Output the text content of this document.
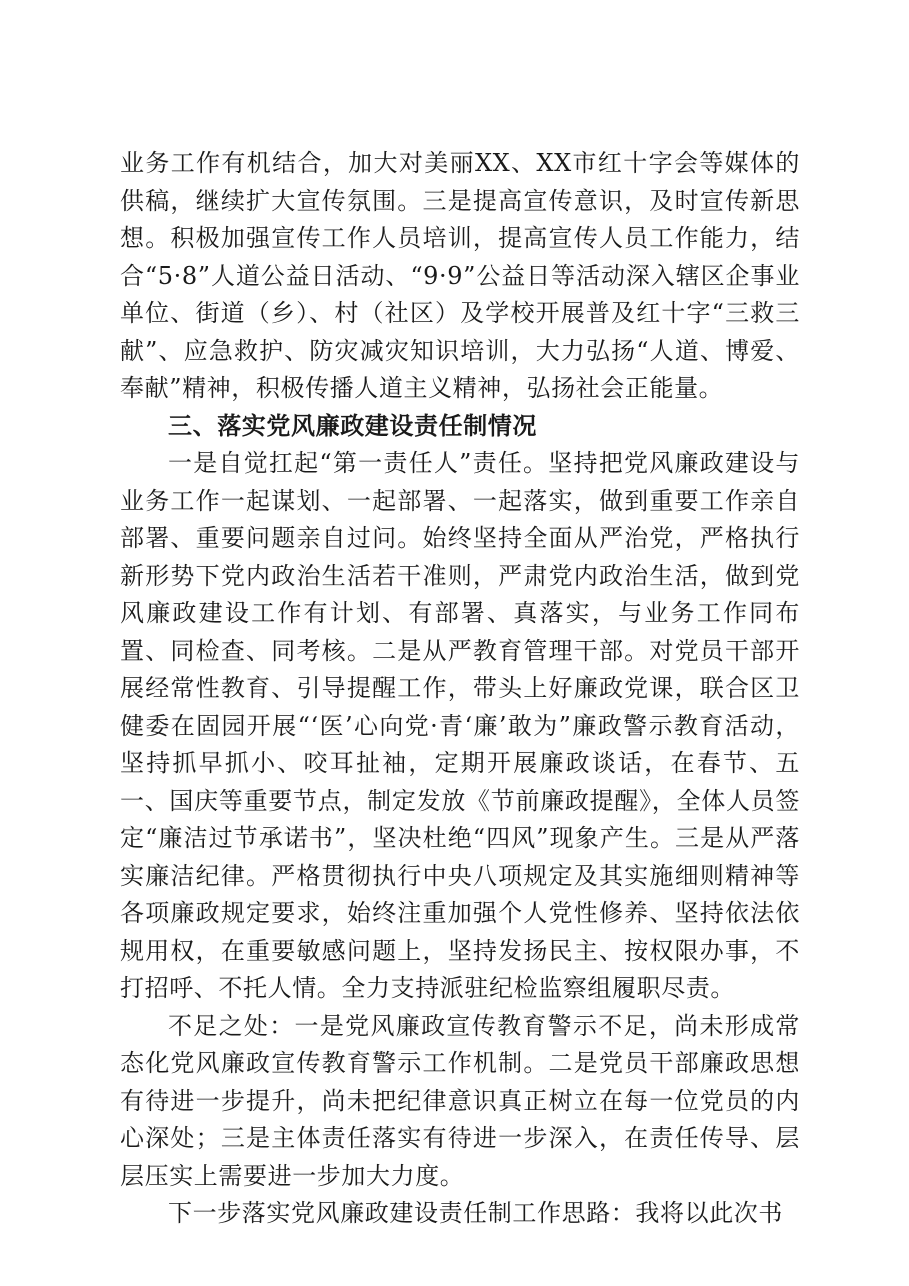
业务工作有机结合，加大对美丽XX、XX市红十字会等媒体的供稿，继续扩大宣传氛围。三是提高宣传意识，及时宣传新思想。积极加强宣传工作人员培训，提高宣传人员工作能力，结合“5·8”人道公益日活动、“9·9”公益日等活动深入辖区企事业单位、街道（乡）、村（社区）及学校开展普及红十字“三救三献”、应急救护、防灾减灾知识培训，大力弘扬“人道、博爱、奉献”精神，积极传播人道主义精神，弘扬社会正能量。

三、落实党风廉政建设责任制情况

一是自觉扛起“第一责任人”责任。坚持把党风廉政建设与业务工作一起谋划、一起部署、一起落实，做到重要工作亲自部署、重要问题亲自过问。始终坚持全面从严治党，严格执行新形势下党内政治生活若干准则，严肃党内政治生活，做到党风廉政建设工作有计划、有部署、真落实，与业务工作同布置、同检查、同考核。二是从严教育管理干部。对党员干部开展经常性教育、引导提醒工作，带头上好廉政党课，联合区卫健委在固园开展“‘医’心向党·青‘廉’敢为”廉政警示教育活动，坚持抓早抓小、咬耳扯袖，定期开展廉政谈话，在春节、五一、国庆等重要节点，制定发放《节前廉政提醒》，全体人员签定“廉洁过节承诺书”，坚决杜绝“四风”现象产生。三是从严落实廉洁纪律。严格贯彻执行中央八项规定及其实施细则精神等各项廉政规定要求，始终注重加强个人党性修养、坚持依法依规用权，在重要敏感问题上，坚持发扬民主、按权限办事，不打招呼、不托人情。全力支持派驻纪检监察组履职尽责。

不足之处：一是党风廉政宣传教育警示不足，尚未形成常态化党风廉政宣传教育警示工作机制。二是党员干部廉政思想有待进一步提升，尚未把纪律意识真正树立在每一位党员的内心深处；三是主体责任落实有待进一步深入，在责任传导、层层压实上需要进一步加大力度。

下一步落实党风廉政建设责任制工作思路：我将以此次书
